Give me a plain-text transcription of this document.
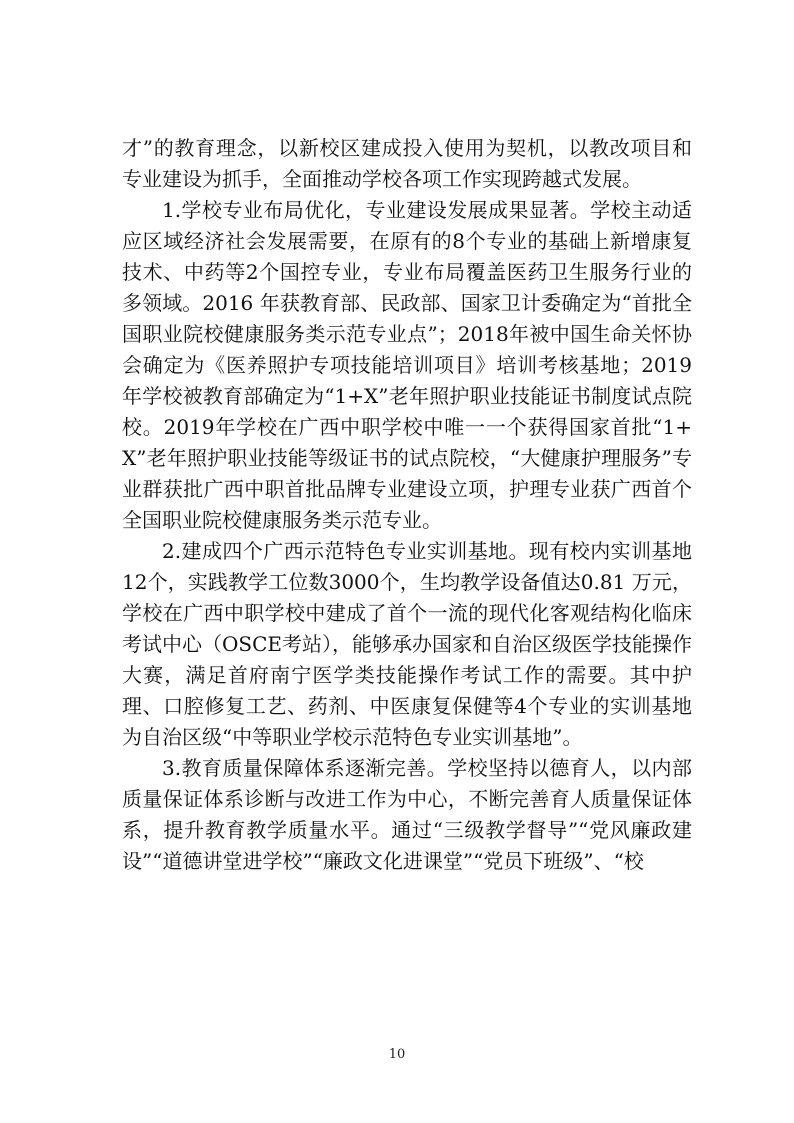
才”的教育理念，以新校区建成投入使用为契机，以教改项目和专业建设为抓手，全面推动学校各项工作实现跨越式发展。

1.学校专业布局优化，专业建设发展成果显著。学校主动适应区域经济社会发展需要，在原有的8个专业的基础上新增康复技术、中药等2个国控专业，专业布局覆盖医药卫生服务行业的多领域。2016 年获教育部、民政部、国家卫计委确定为“首批全国职业院校健康服务类示范专业点”；2018年被中国生命关怀协会确定为《医养照护专项技能培训项目》培训考核基地；2019年学校被教育部确定为“1+X”老年照护职业技能证书制度试点院校。2019年学校在广西中职学校中唯一一个获得国家首批“1+X”老年照护职业技能等级证书的试点院校，“大健康护理服务”专业群获批广西中职首批品牌专业建设立项，护理专业获广西首个全国职业院校健康服务类示范专业。

2.建成四个广西示范特色专业实训基地。现有校内实训基地12个，实践教学工位数3000个，生均教学设备值达0.81 万元，学校在广西中职学校中建成了首个一流的现代化客观结构化临床考试中心（OSCE考站），能够承办国家和自治区级医学技能操作大赛，满足首府南宁医学类技能操作考试工作的需要。其中护理、口腔修复工艺、药剂、中医康复保健等4个专业的实训基地为自治区级“中等职业学校示范特色专业实训基地”。

3.教育质量保障体系逐渐完善。学校坚持以德育人，以内部质量保证体系诊断与改进工作为中心，不断完善育人质量保证体系，提升教育教学质量水平。通过“三级教学督导”“党风廉政建设”“道德讲堂进学校”“廉政文化进课堂”“党员下班级”、“校

10
